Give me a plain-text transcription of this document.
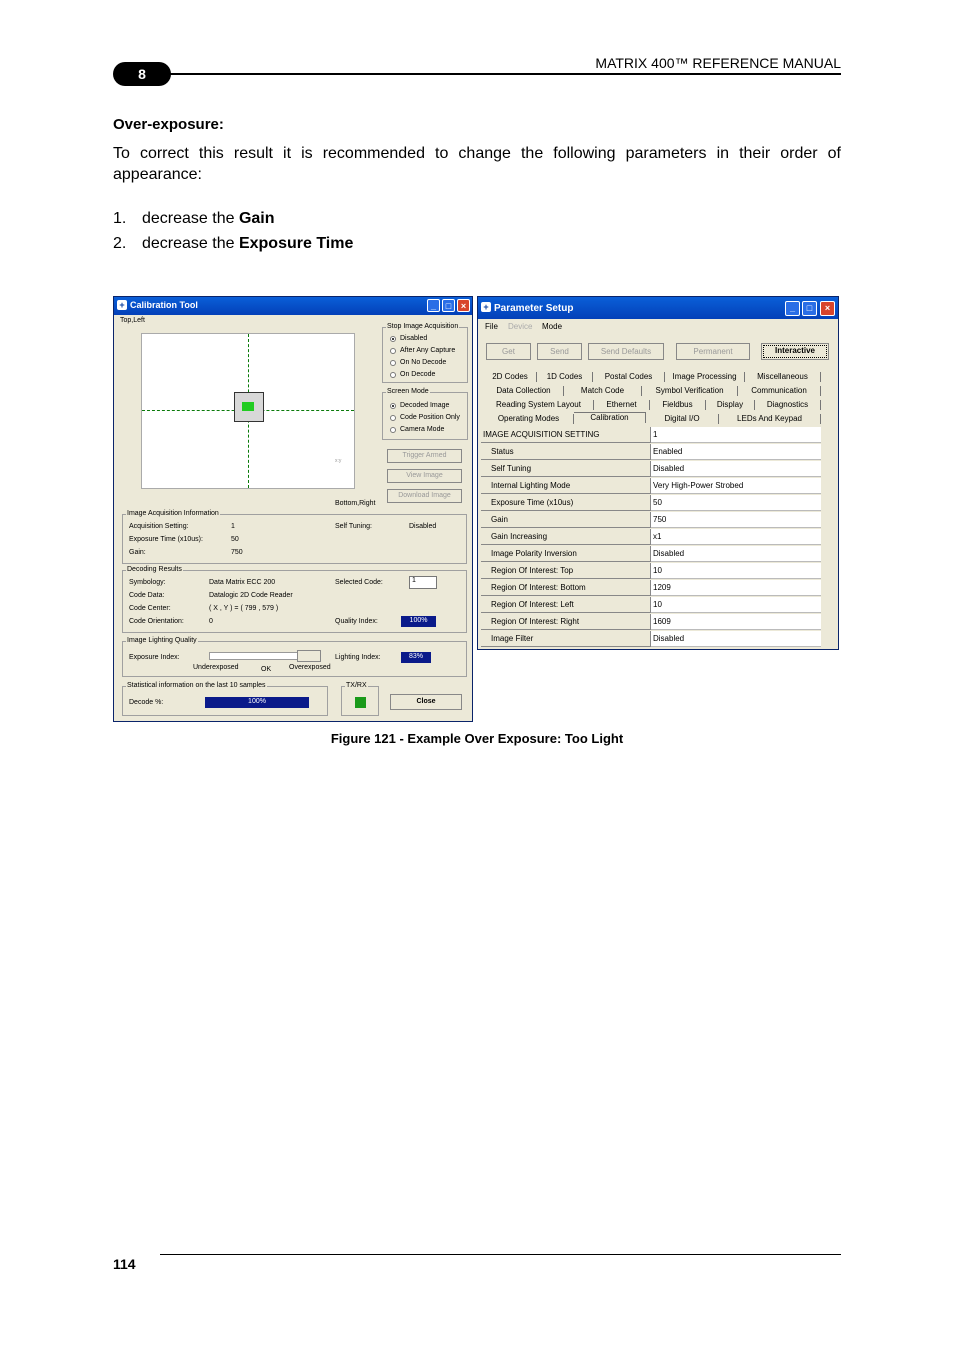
8
MATRIX 400™ REFERENCE MANUAL
Over-exposure:
To correct this result it is recommended to change the following parameters in their order of appearance:
1. decrease the Gain
2. decrease the Exposure Time
+ Calibration Tool	_	□	×
Top,Left
x:y
Bottom,Right
Stop Image Acquisition
Disabled
After Any Capture
On No Decode
On Decode
Screen Mode
Decoded Image
Code Position Only
Camera Mode
Trigger Armed
View Image
Download Image
Image Acquisition Information
Acquisition Setting:	1	Self Tuning:	Disabled
Exposure Time (x10us):	50
Gain:	750
Decoding Results
Symbology:	Data Matrix ECC 200	Selected Code:	1
Code Data:	Datalogic 2D Code Reader
Code Center:	( X , Y ) = ( 799 , 579 )
Code Orientation:	0	Quality Index:	100%
Image Lighting Quality
Exposure Index:
Underexposed	OK	Overexposed
Lighting Index:	83%
Statistical information on the last 10 samples
Decode %:	100%
TX/RX
Close
+ Parameter Setup	_	□	×
File Device Mode
Get	Send	Send Defaults	Permanent	Interactive
2D Codes	1D Codes	Postal Codes	Image Processing	Miscellaneous
Data Collection	Match Code	Symbol Verification	Communication
Reading System Layout	Ethernet	Fieldbus	Display	Diagnostics
Operating Modes	Calibration	Digital I/O	LEDs And Keypad
IMAGE ACQUISITION SETTING	1
Status	Enabled
Self Tuning	Disabled
Internal Lighting Mode	Very High-Power Strobed
Exposure Time (x10us)	50
Gain	750
Gain Increasing	x1
Image Polarity Inversion	Disabled
Region Of Interest: Top	10
Region Of Interest: Bottom	1209
Region Of Interest: Left	10
Region Of Interest: Right	1609
Image Filter	Disabled
Figure 121 - Example Over Exposure: Too Light
114
